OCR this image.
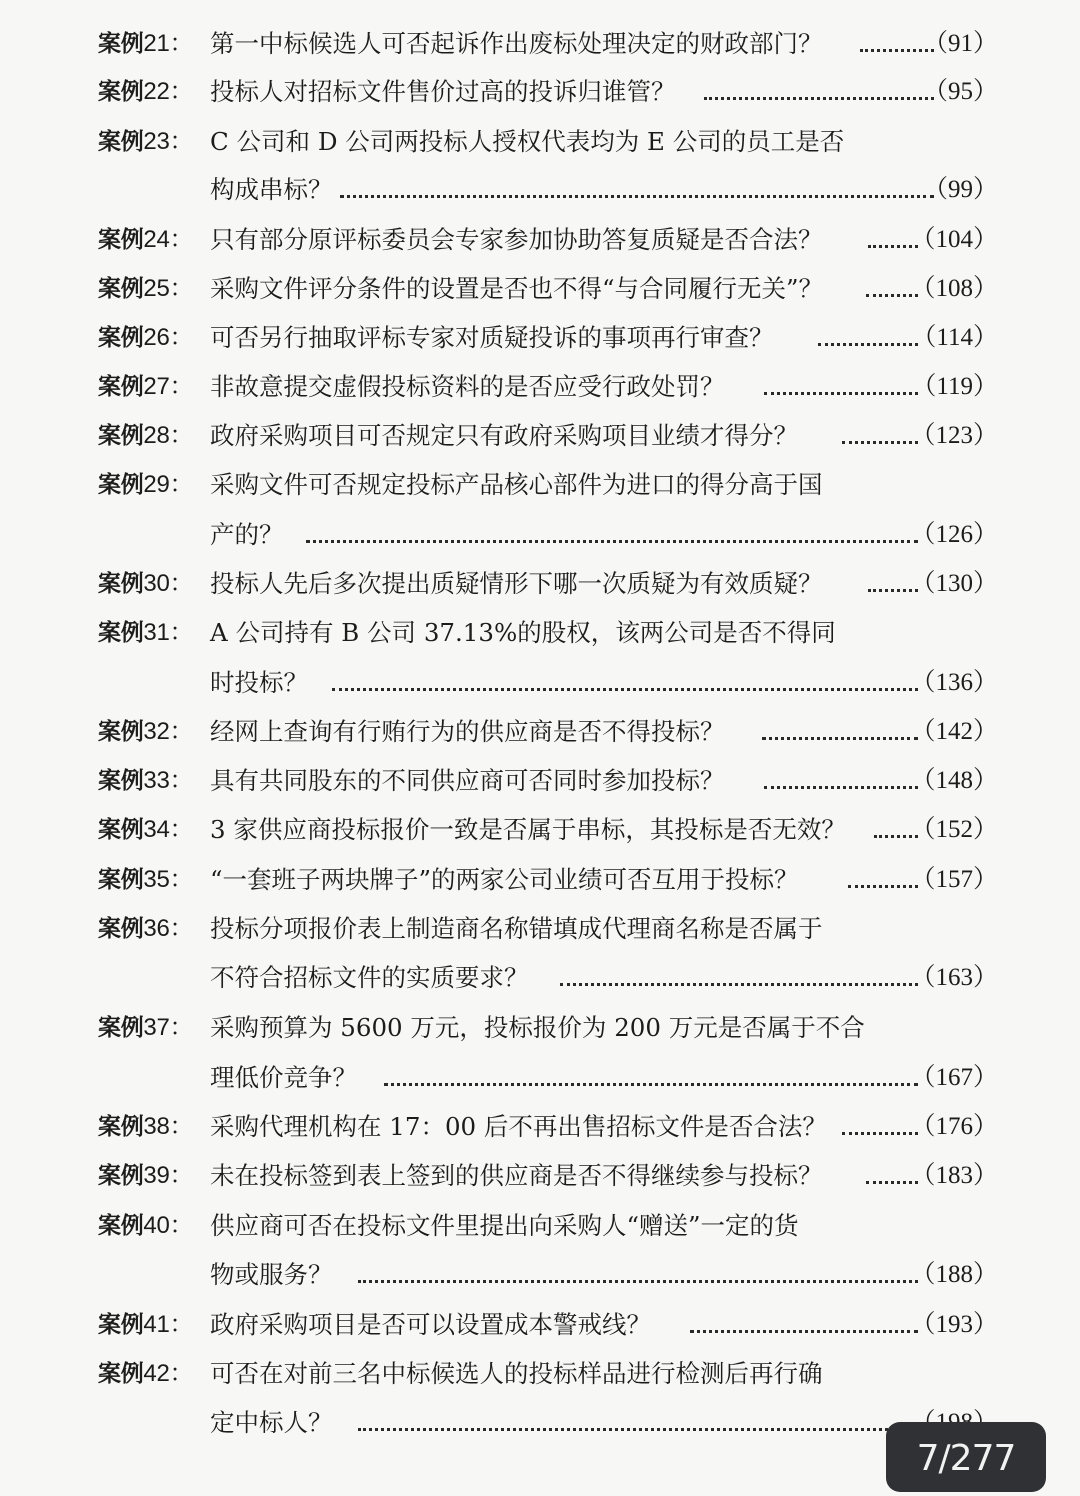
案例21： 第一中标候选人可否起诉作出废标处理决定的财政部门？	（91）
案例22： 投标人对招标文件售价过高的投诉归谁管？	（95）
案例23： C 公司和 D 公司两投标人授权代表均为 E 公司的员工是否
构成串标？	（99）
案例24： 只有部分原评标委员会专家参加协助答复质疑是否合法？	（104）
案例25： 采购文件评分条件的设置是否也不得“与合同履行无关”？	（108）
案例26： 可否另行抽取评标专家对质疑投诉的事项再行审查？	（114）
案例27： 非故意提交虚假投标资料的是否应受行政处罚？	（119）
案例28： 政府采购项目可否规定只有政府采购项目业绩才得分？	（123）
案例29： 采购文件可否规定投标产品核心部件为进口的得分高于国
产的？	（126）
案例30： 投标人先后多次提出质疑情形下哪一次质疑为有效质疑？	（130）
案例31： A 公司持有 B 公司 37.13%的股权，该两公司是否不得同
时投标？	（136）
案例32： 经网上查询有行贿行为的供应商是否不得投标？	（142）
案例33： 具有共同股东的不同供应商可否同时参加投标？	（148）
案例34： 3 家供应商投标报价一致是否属于串标，其投标是否无效？	（152）
案例35： “一套班子两块牌子”的两家公司业绩可否互用于投标？	（157）
案例36： 投标分项报价表上制造商名称错填成代理商名称是否属于
不符合招标文件的实质要求？	（163）
案例37： 采购预算为 5600 万元，投标报价为 200 万元是否属于不合
理低价竞争？	（167）
案例38： 采购代理机构在 17：00 后不再出售招标文件是否合法？	（176）
案例39： 未在投标签到表上签到的供应商是否不得继续参与投标？	（183）
案例40： 供应商可否在投标文件里提出向采购人“赠送”一定的货
物或服务？	（188）
案例41： 政府采购项目是否可以设置成本警戒线？	（193）
案例42： 可否在对前三名中标候选人的投标样品进行检测后再行确
定中标人？
7/277
